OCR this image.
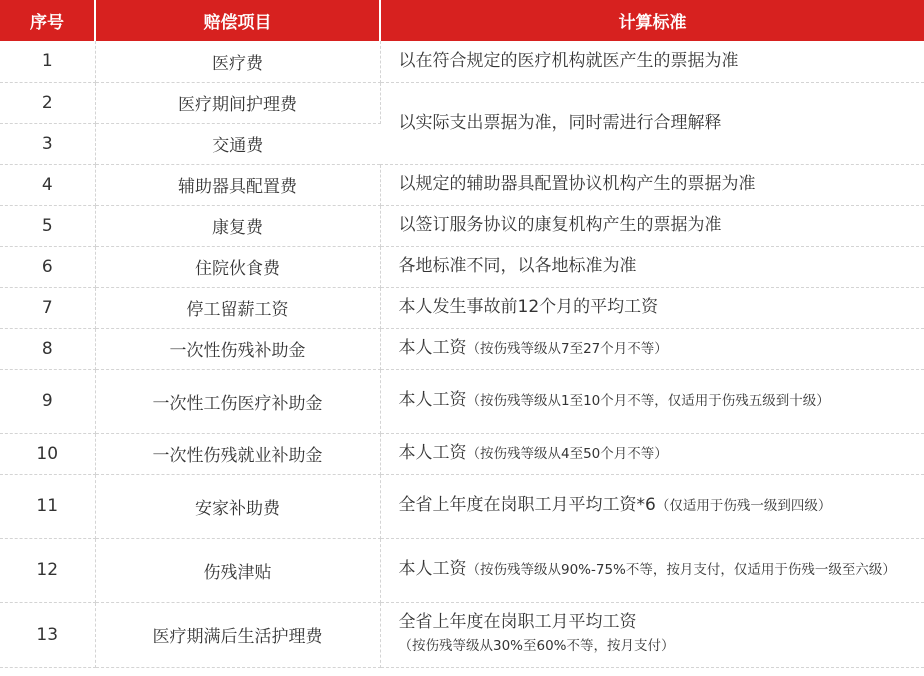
序号	赔偿项目	计算标准
1	医疗费	以在符合规定的医疗机构就医产生的票据为准
2	医疗期间护理费	以实际支出票据为准，同时需进行合理解释
3	交通费	
4	辅助器具配置费	以规定的辅助器具配置协议机构产生的票据为准
5	康复费	以签订服务协议的康复机构产生的票据为准
6	住院伙食费	各地标准不同，以各地标准为准
7	停工留薪工资	本人发生事故前12个月的平均工资
8	一次性伤残补助金	本人工资（按伤残等级从7至27个月不等）
9	一次性工伤医疗补助金	本人工资（按伤残等级从1至10个月不等，仅适用于伤残五级到十级）
10	一次性伤残就业补助金	本人工资（按伤残等级从4至50个月不等）
11	安家补助费	全省上年度在岗职工月平均工资*6（仅适用于伤残一级到四级）
12	伤残津贴	本人工资（按伤残等级从90%-75%不等，按月支付，仅适用于伤残一级至六级）
13	医疗期满后生活护理费	全省上年度在岗职工月平均工资（按伤残等级从30%至60%不等，按月支付）
